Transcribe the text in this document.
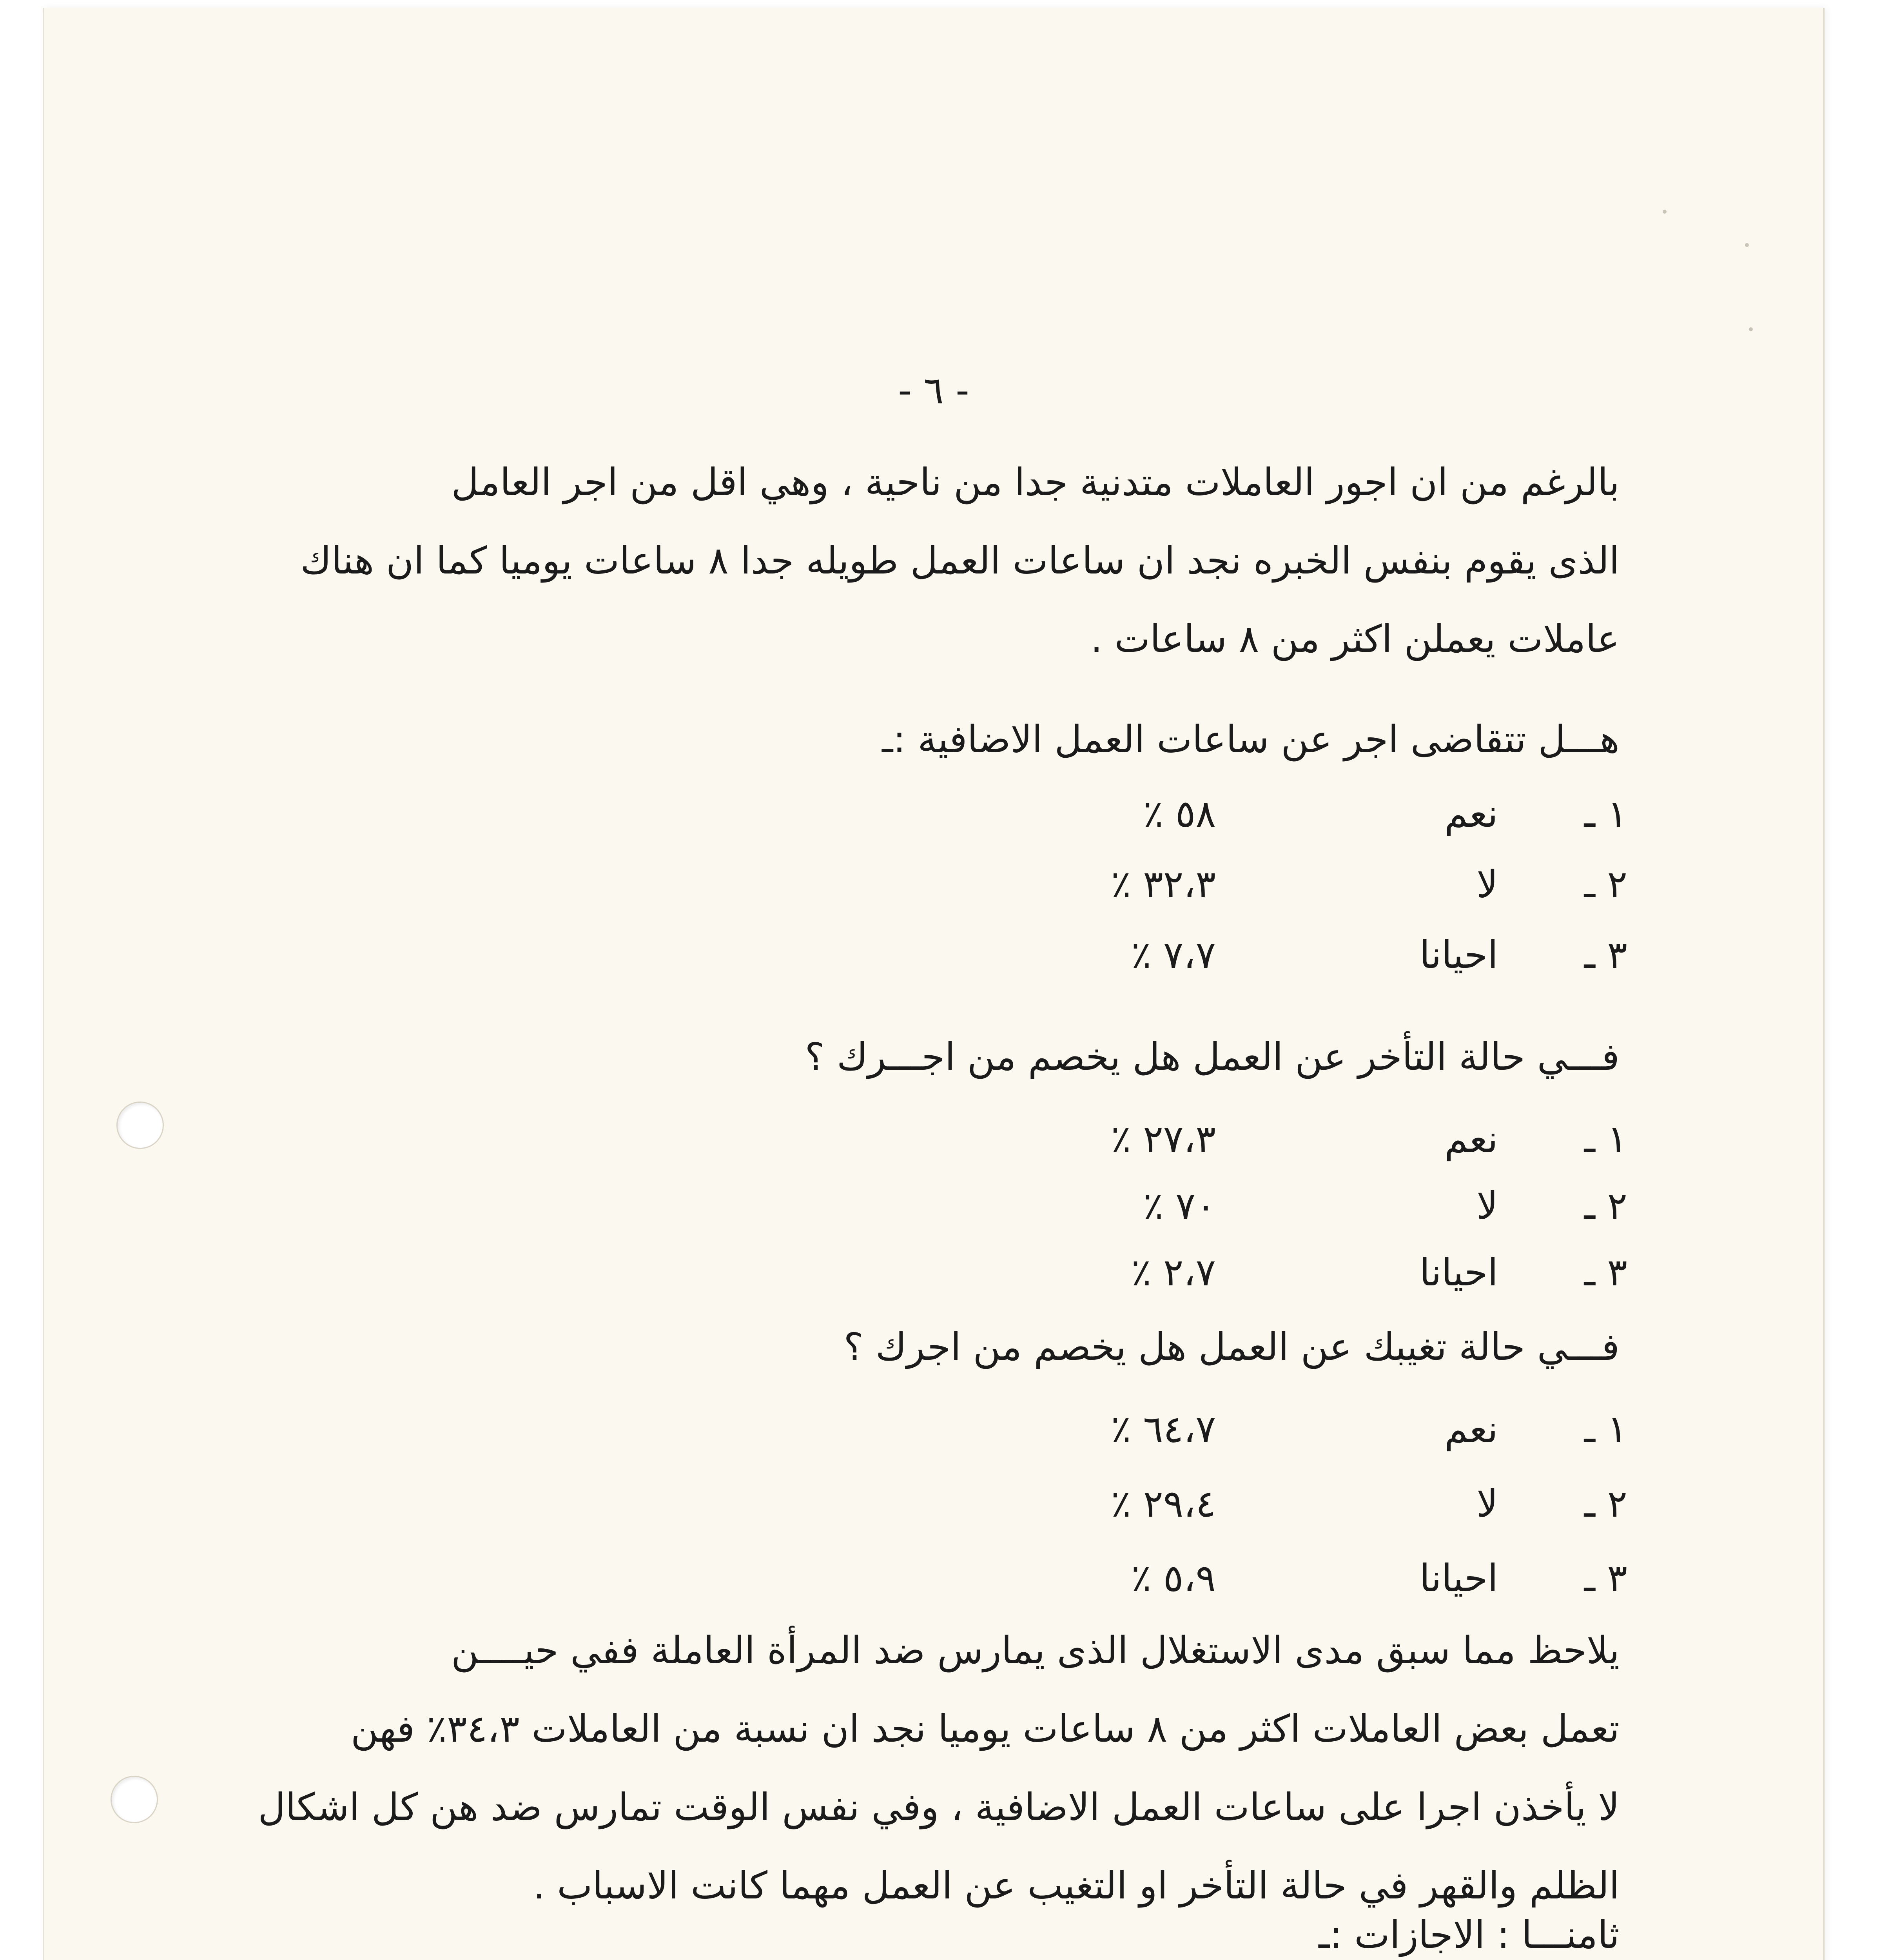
- ٦ -

بالرغم من ان اجور العاملات متدنية جدا من ناحية ، وهي اقل من اجر العامل
الذى يقوم بنفس الخبره نجد ان ساعات العمل طويله جدا ٨ ساعات يوميا كما ان هناك
عاملات يعملن اكثر من ٨ ساعات .

هـــل تتقاضى اجر عن ساعات العمل الاضافية :ـ

١ ـ
نعم
٥٨ ٪
٢ ـ
لا
٣٢،٣ ٪
٣ ـ
احيانا
٧،٧ ٪

فـــي حالة التأخر عن العمل هل يخصم من اجـــرك ؟

١ ـ
نعم
٢٧،٣ ٪
٢ ـ
لا
٧٠ ٪
٣ ـ
احيانا
٢،٧ ٪

فـــي حالة تغيبك عن العمل هل يخصم من اجرك ؟

١ ـ
نعم
٦٤،٧ ٪
٢ ـ
لا
٢٩،٤ ٪
٣ ـ
احيانا
٥،٩ ٪

يلاحظ مما سبق مدى الاستغلال الذى يمارس ضد المرأة العاملة ففي حيــــن
تعمل بعض العاملات اكثر من ٨ ساعات يوميا نجد ان نسبة من العاملات ٣٤،٣٪ فهن
لا يأخذن اجرا على ساعات العمل الاضافية ، وفي نفس الوقت تمارس ضد هن كل اشكال
الظلم والقهر في حالة التأخر او التغيب عن العمل مهما كانت الاسباب .

ثامنـــا : الاجازات :ـ
